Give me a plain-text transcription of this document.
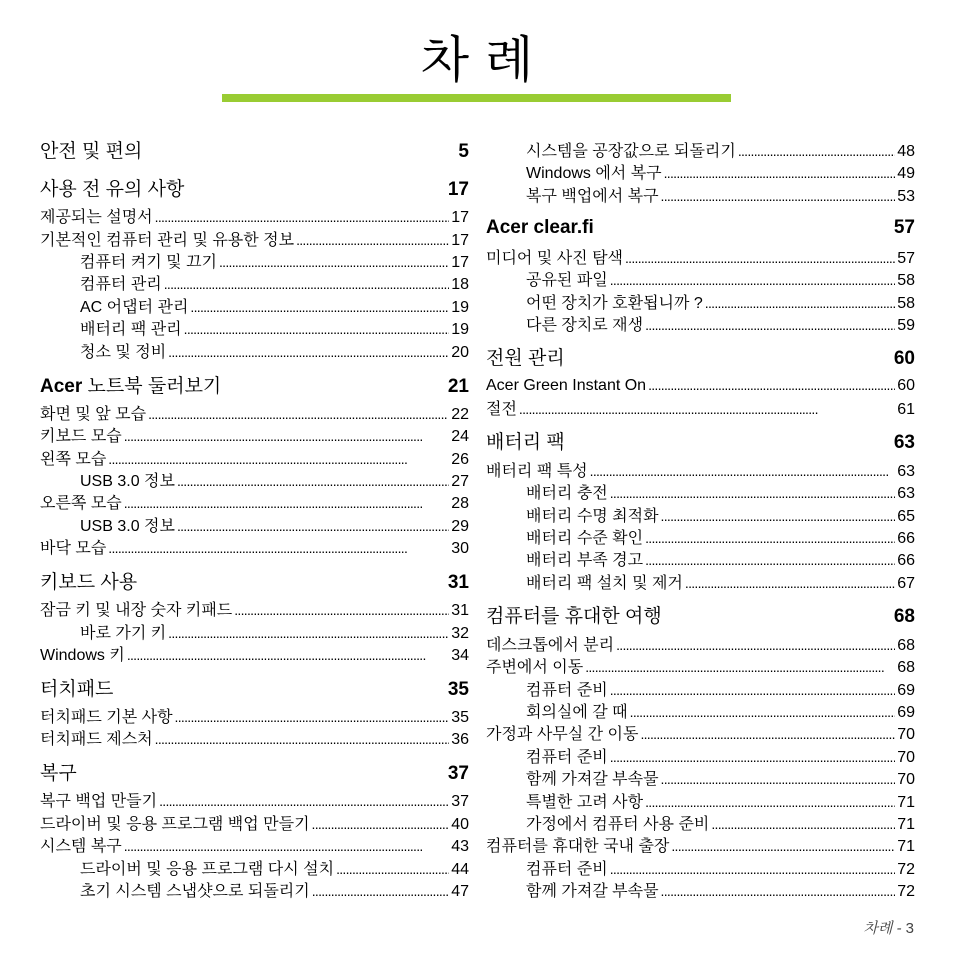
차 례
안전 및 편의	5
사용 전 유의 사항	17
제공되는 설명서 . . .	17
기본적인 컴퓨터 관리 및 유용한 정보 . . .	17
컴퓨터 켜기 및 끄기 . . .	17
컴퓨터 관리 . . .	18
AC 어댑터 관리 . . .	19
배터리 팩 관리 . . .	19
청소 및 정비 . . .	20
Acer 노트북 둘러보기	21
화면 및 앞 모습 . . .	22
키보드 모습 . . .	24
왼쪽 모습 . . .	26
USB 3.0 정보 . . .	27
오른쪽 모습 . . .	28
USB 3.0 정보 . . .	29
바닥 모습 . . .	30
키보드 사용	31
잠금 키 및 내장 숫자 키패드 . . .	31
바로 가기 키 . . .	32
Windows 키 . . .	34
터치패드	35
터치패드 기본 사항 . . .	35
터치패드 제스처 . . .	36
복구	37
복구 백업 만들기 . . .	37
드라이버 및 응용 프로그램 백업 만들기 . . .	40
시스템 복구 . . .	43
드라이버 및 응용 프로그램 다시 설치 . . .	44
초기 시스템 스냅샷으로 되돌리기 . . .	47
시스템을 공장값으로 되돌리기 . . .	48
Windows 에서 복구 . . .	49
복구 백업에서 복구 . . .	53
Acer clear.fi	57
미디어 및 사진 탐색 . . .	57
공유된 파일 . . .	58
어떤 장치가 호환됩니까 ? . . .	58
다른 장치로 재생 . . .	59
전원 관리	60
Acer Green Instant On . . .	60
절전 . . .	61
배터리 팩	63
배터리 팩 특성 . . .	63
배터리 충전 . . .	63
배터리 수명 최적화 . . .	65
배터리 수준 확인 . . .	66
배터리 부족 경고 . . .	66
배터리 팩 설치 및 제거 . . .	67
컴퓨터를 휴대한 여행	68
데스크톱에서 분리 . . .	68
주변에서 이동 . . .	68
컴퓨터 준비 . . .	69
회의실에 갈 때 . . .	69
가정과 사무실 간 이동 . . .	70
컴퓨터 준비 . . .	70
함께 가져갈 부속물 . . .	70
특별한 고려 사항 . . .	71
가정에서 컴퓨터 사용 준비 . . .	71
컴퓨터를 휴대한 국내 출장 . . .	71
컴퓨터 준비 . . .	72
함께 가져갈 부속물 . . .	72
차례 - 3
